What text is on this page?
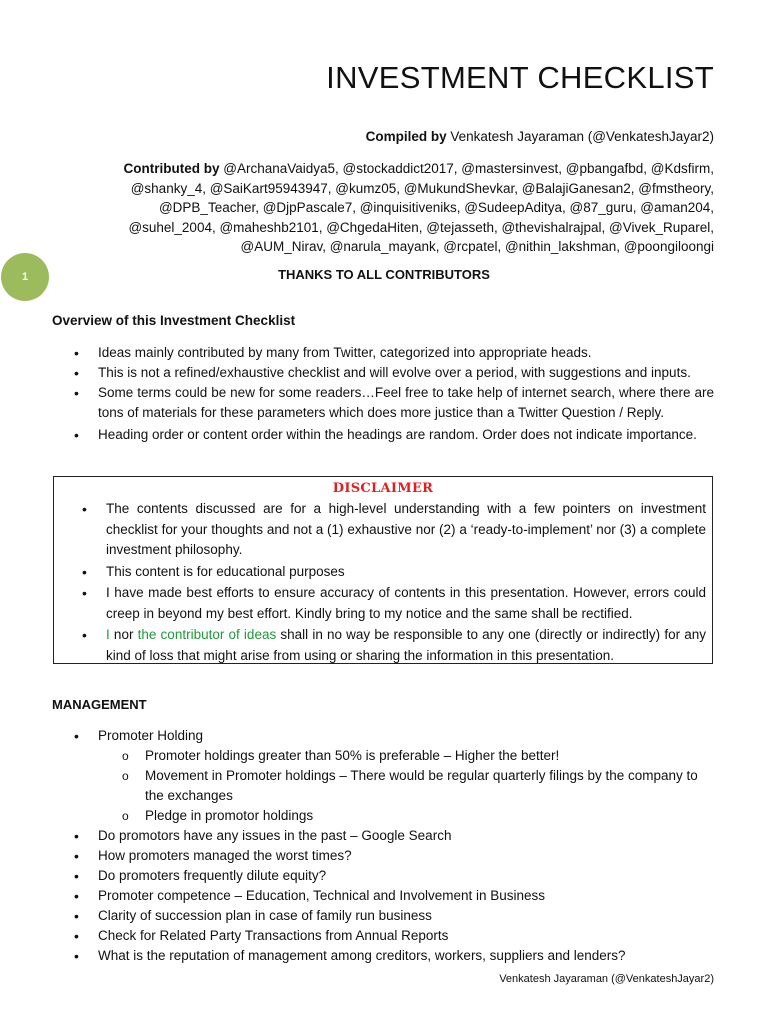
INVESTMENT CHECKLIST
Compiled by Venkatesh Jayaraman (@VenkateshJayar2)
Contributed by @ArchanaVaidya5, @stockaddict2017, @mastersinvest, @pbangafbd, @Kdsfirm,
@shanky_4, @SaiKart95943947, @kumz05, @MukundShevkar, @BalajiGanesan2, @fmstheory,
@DPB_Teacher, @DjpPascale7, @inquisitiveniks, @SudeepAditya, @87_guru, @aman204,
@suhel_2004, @maheshb2101, @ChgedaHiten, @tejasseth, @thevishalrajpal, @Vivek_Ruparel,
@AUM_Nirav, @narula_mayank, @rcpatel, @nithin_lakshman, @poongiloongi
1	THANKS TO ALL CONTRIBUTORS
Overview of this Investment Checklist
• Ideas mainly contributed by many from Twitter, categorized into appropriate heads.
• This is not a refined/exhaustive checklist and will evolve over a period, with suggestions and inputs.
• Some terms could be new for some readers…Feel free to take help of internet search, where there are tons of materials for these parameters which does more justice than a Twitter Question / Reply.
• Heading order or content order within the headings are random. Order does not indicate importance.
DISCLAIMER
• The contents discussed are for a high-level understanding with a few pointers on investment checklist for your thoughts and not a (1) exhaustive nor (2) a ‘ready-to-implement’ nor (3) a complete investment philosophy.
• This content is for educational purposes
• I have made best efforts to ensure accuracy of contents in this presentation. However, errors could creep in beyond my best effort. Kindly bring to my notice and the same shall be rectified.
• I nor the contributor of ideas shall in no way be responsible to any one (directly or indirectly) for any kind of loss that might arise from using or sharing the information in this presentation.
MANAGEMENT
• Promoter Holding
o Promoter holdings greater than 50% is preferable – Higher the better!
o Movement in Promoter holdings – There would be regular quarterly filings by the company to the exchanges
o Pledge in promotor holdings
• Do promotors have any issues in the past – Google Search
• How promoters managed the worst times?
• Do promoters frequently dilute equity?
• Promoter competence – Education, Technical and Involvement in Business
• Clarity of succession plan in case of family run business
• Check for Related Party Transactions from Annual Reports
• What is the reputation of management among creditors, workers, suppliers and lenders?
Venkatesh Jayaraman (@VenkateshJayar2)
